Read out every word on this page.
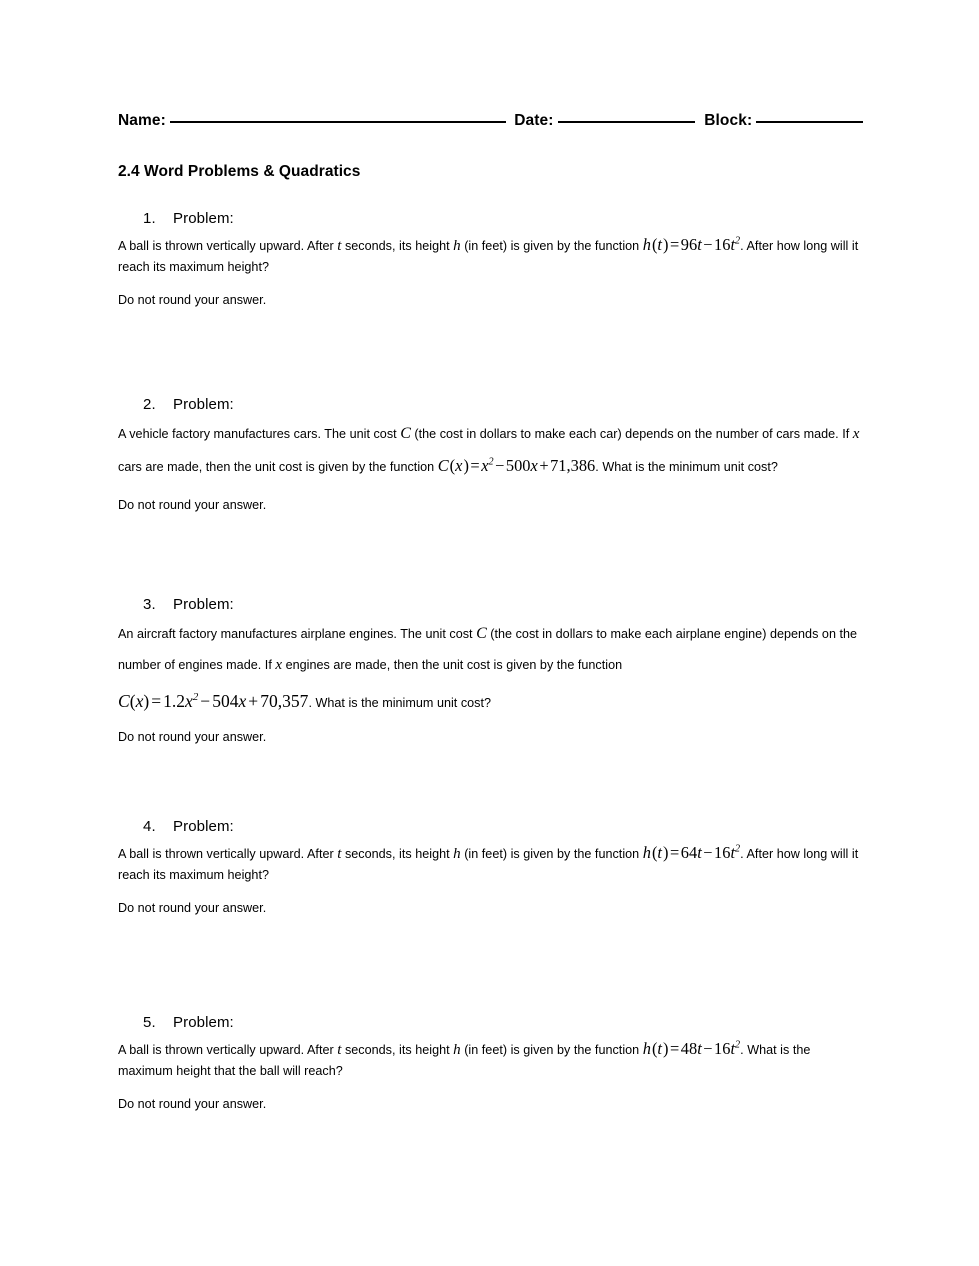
Name:	Date:	Block:
2.4 Word Problems & Quadratics
1.	Problem:
A ball is thrown vertically upward. After t seconds, its height h (in feet) is given by the function $h(t)=96t-16t^2$. After how long will it reach its maximum height?
Do not round your answer.
2.	Problem:
A vehicle factory manufactures cars. The unit cost C (the cost in dollars to make each car) depends on the number of cars made. If x cars are made, then the unit cost is given by the function $C(x)=x^2-500x+71,386$. What is the minimum unit cost?
Do not round your answer.
3.	Problem:
An aircraft factory manufactures airplane engines. The unit cost C (the cost in dollars to make each airplane engine) depends on the number of engines made. If x engines are made, then the unit cost is given by the function
$C(x) = 1.2x^2 - 504x + 70,357$. What is the minimum unit cost?
Do not round your answer.
4.	Problem:
A ball is thrown vertically upward. After t seconds, its height h (in feet) is given by the function $h(t)=64t-16t^2$. After how long will it reach its maximum height?
Do not round your answer.
5.	Problem:
A ball is thrown vertically upward. After t seconds, its height h (in feet) is given by the function $h(t)=48t-16t^2$. What is the maximum height that the ball will reach?
Do not round your answer.
